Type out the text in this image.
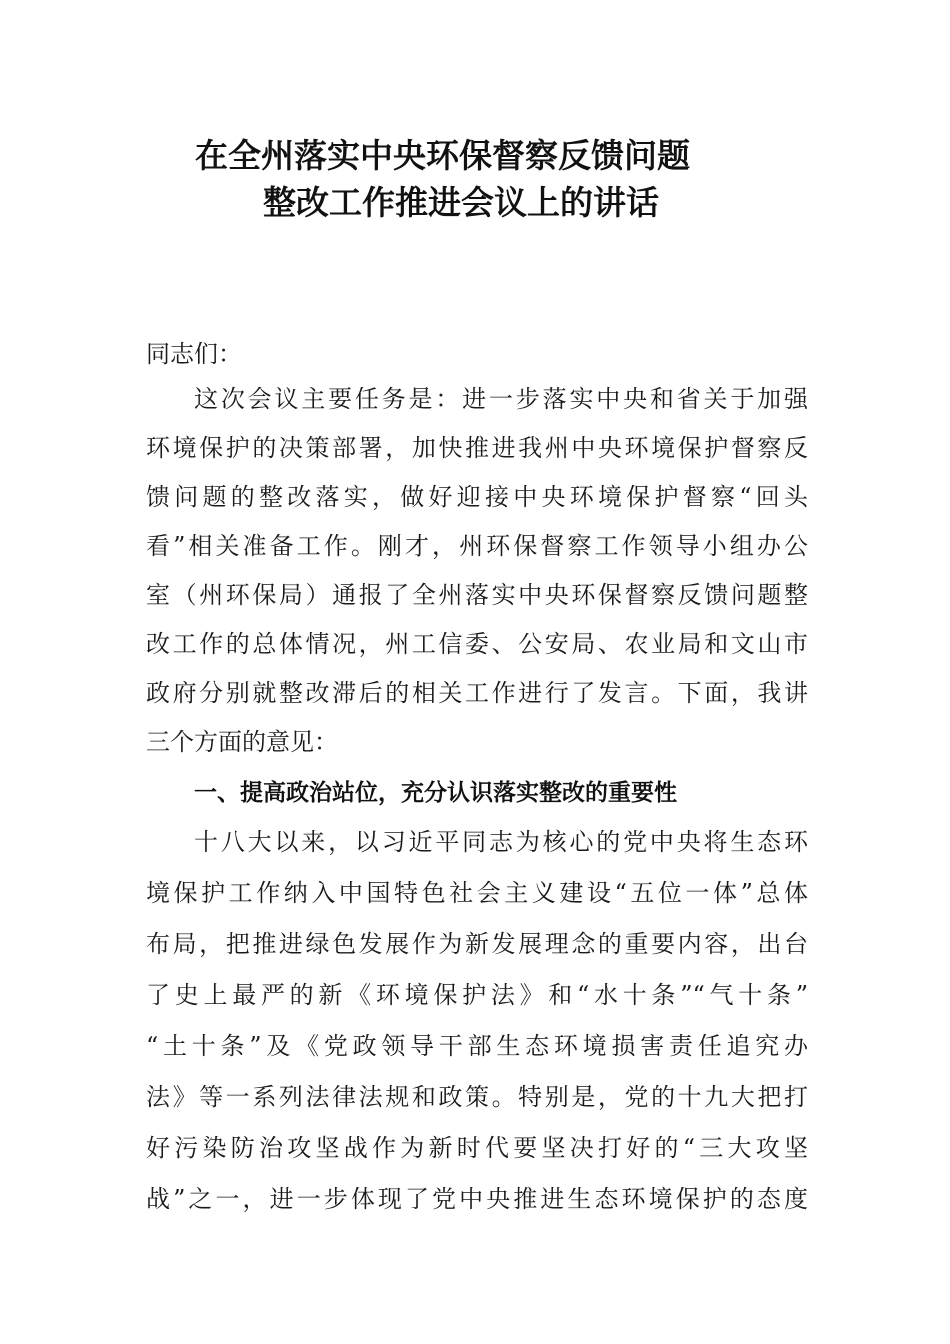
在全州落实中央环保督察反馈问题
整改工作推进会议上的讲话
同志们：
这次会议主要任务是：进一步落实中央和省关于加强
环境保护的决策部署，加快推进我州中央环境保护督察反
馈问题的整改落实，做好迎接中央环境保护督察“回头
看”相关准备工作。刚才，州环保督察工作领导小组办公
室（州环保局）通报了全州落实中央环保督察反馈问题整
改工作的总体情况，州工信委、公安局、农业局和文山市
政府分别就整改滞后的相关工作进行了发言。下面，我讲
三个方面的意见：
一、提高政治站位，充分认识落实整改的重要性
十八大以来，以习近平同志为核心的党中央将生态环
境保护工作纳入中国特色社会主义建设“五位一体”总体
布局，把推进绿色发展作为新发展理念的重要内容，出台
了史上最严的新《环境保护法》和“水十条”“气十条”
“土十条”及《党政领导干部生态环境损害责任追究办
法》等一系列法律法规和政策。特别是，党的十九大把打
好污染防治攻坚战作为新时代要坚决打好的“三大攻坚
战”之一，进一步体现了党中央推进生态环境保护的态度
